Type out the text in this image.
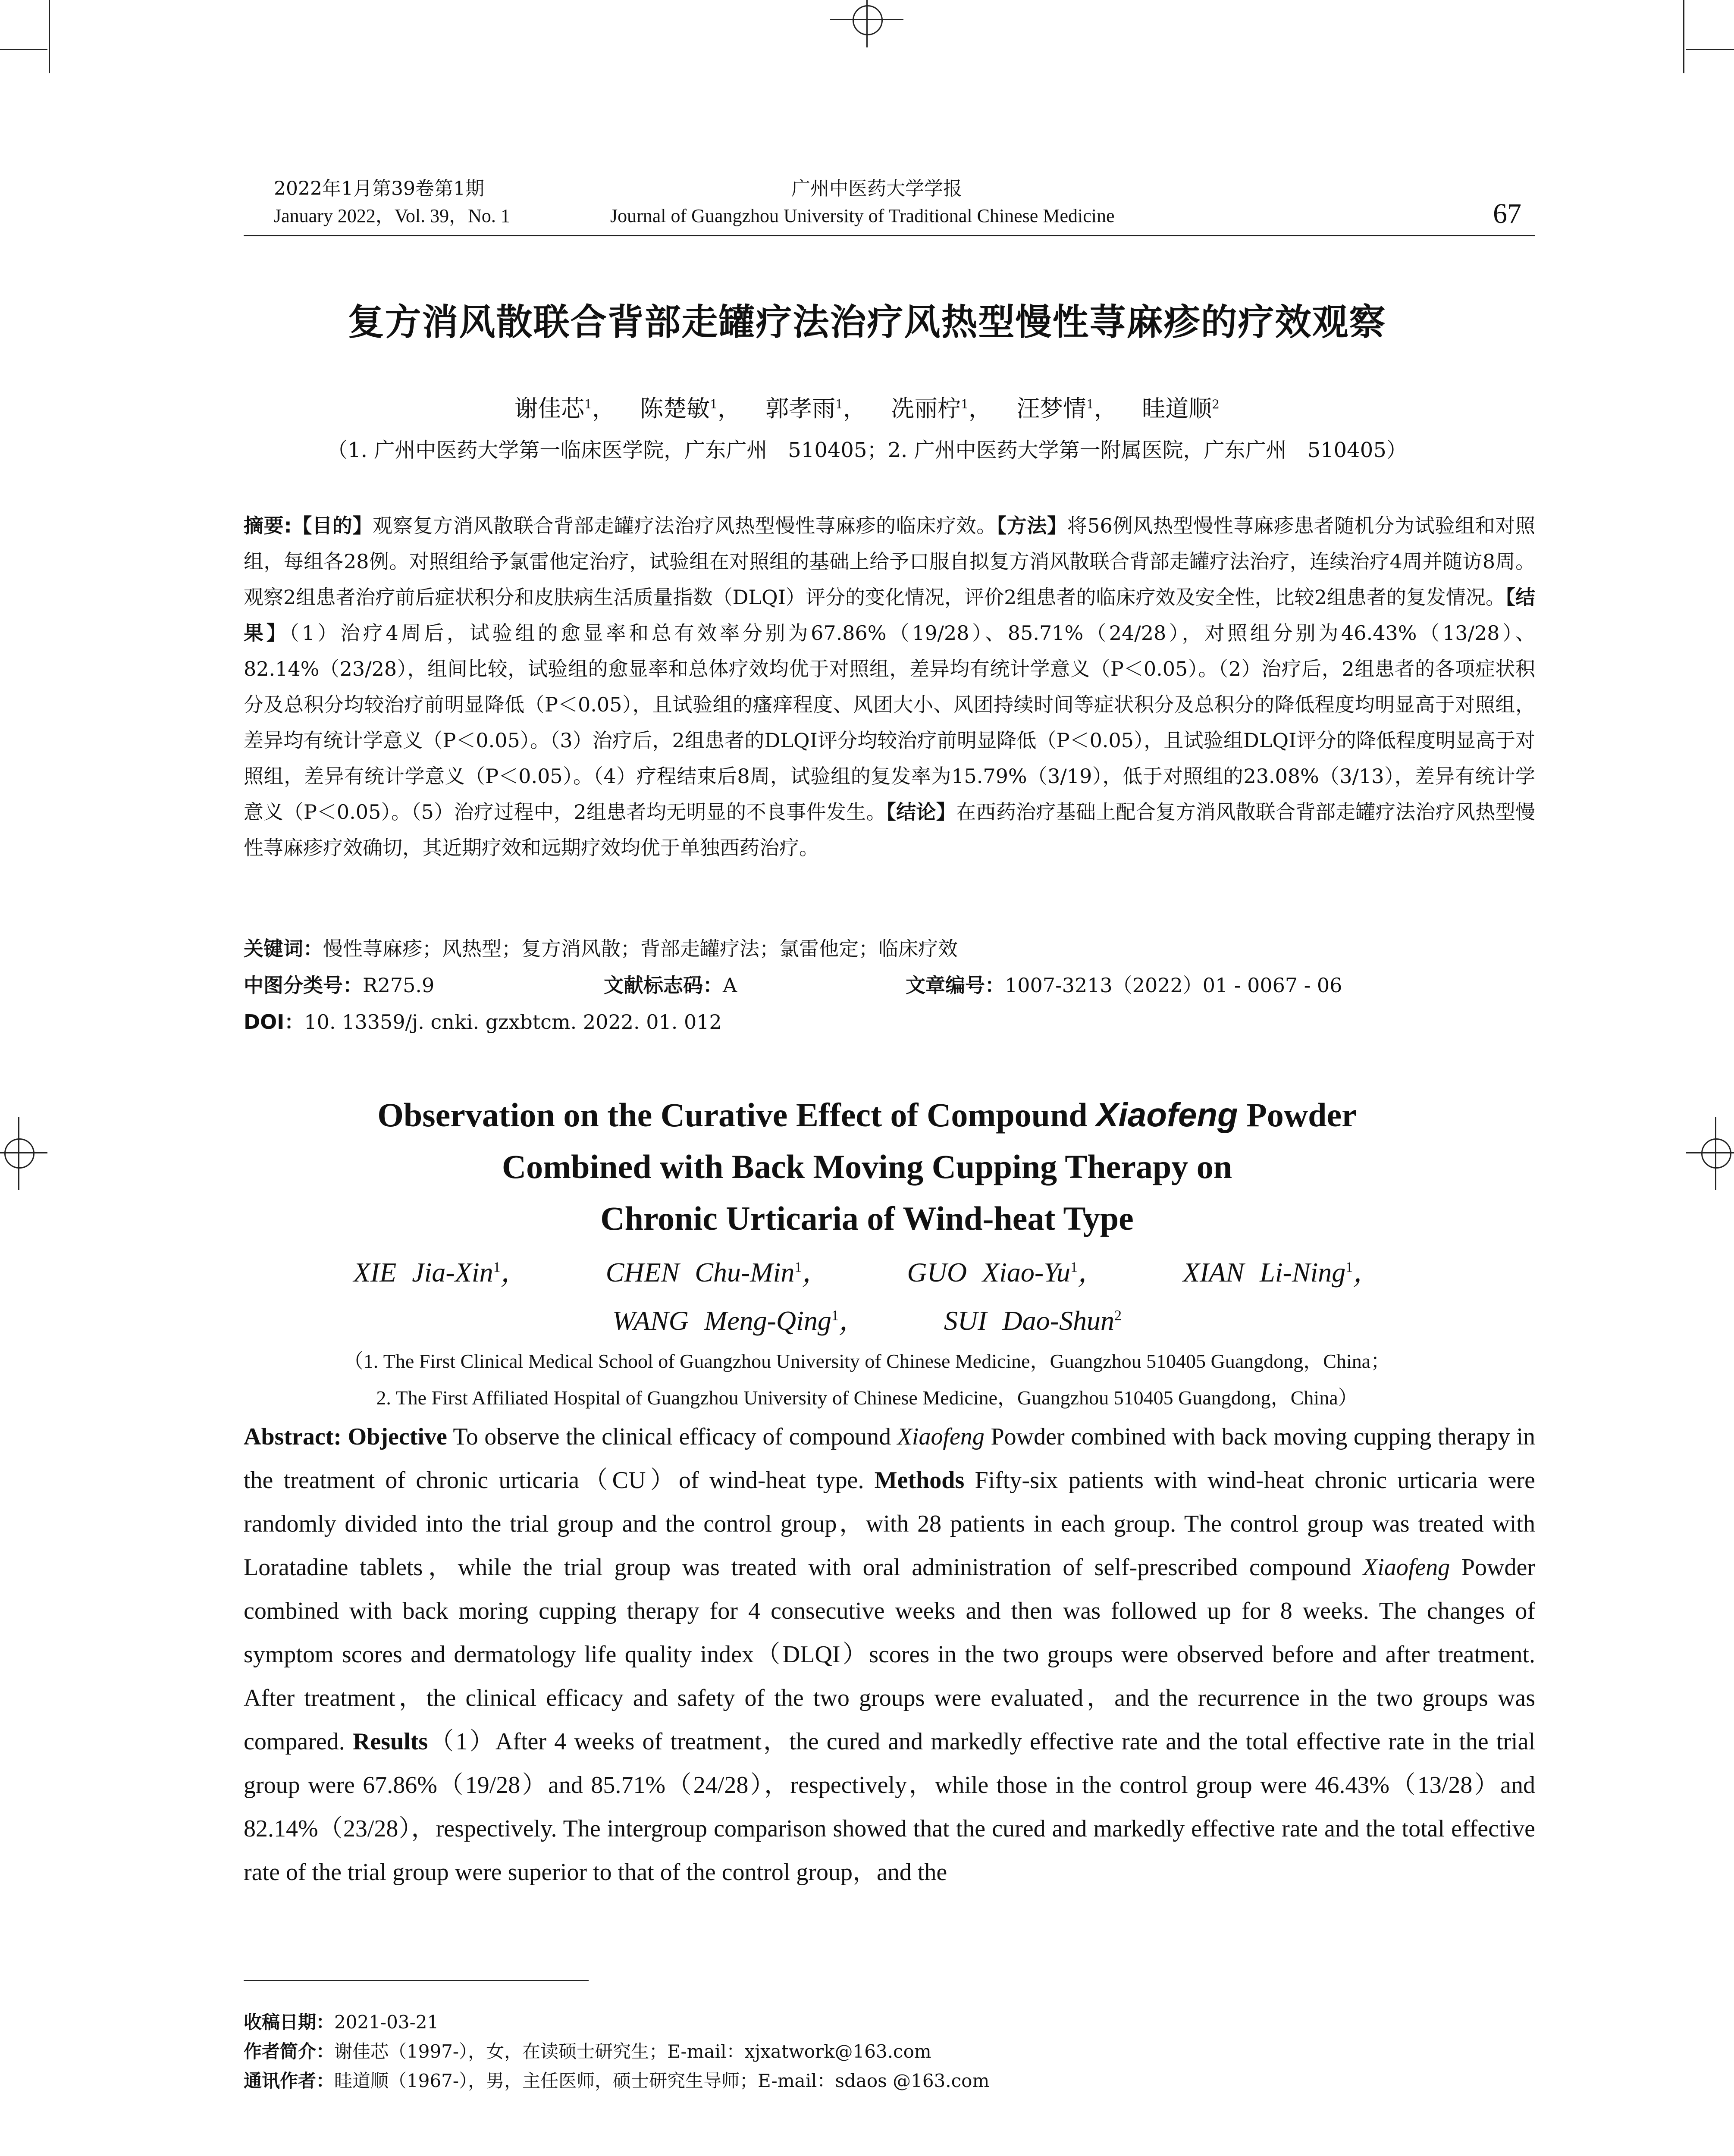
2022年1月第39卷第1期
January 2022，Vol. 39，No. 1
广州中医药大学学报
Journal of Guangzhou University of Traditional Chinese Medicine	67
复方消风散联合背部走罐疗法治疗风热型慢性荨麻疹的疗效观察
谢佳芯$^1$， 陈楚敏$^1$， 郭孝雨$^1$， 冼丽柠$^1$， 汪梦情$^1$， 眭道顺$^2$
（1. 广州中医药大学第一临床医学院，广东广州　510405；2. 广州中医药大学第一附属医院，广东广州　510405）
摘要:【目的】观察复方消风散联合背部走罐疗法治疗风热型慢性荨麻疹的临床疗效。【方法】将56例风热型慢性荨麻疹患者随机分为试验组和对照组，每组各28例。对照组给予氯雷他定治疗，试验组在对照组的基础上给予口服自拟复方消风散联合背部走罐疗法治疗，连续治疗4周并随访8周。观察2组患者治疗前后症状积分和皮肤病生活质量指数（DLQI）评分的变化情况，评价2组患者的临床疗效及安全性，比较2组患者的复发情况。【结果】（1）治疗4周后，试验组的愈显率和总有效率分别为67.86%（19/28）、85.71%（24/28），对照组分别为46.43%（13/28）、82.14%（23/28），组间比较，试验组的愈显率和总体疗效均优于对照组，差异均有统计学意义（P＜0.05）。（2）治疗后，2组患者的各项症状积分及总积分均较治疗前明显降低（P＜0.05），且试验组的瘙痒程度、风团大小、风团持续时间等症状积分及总积分的降低程度均明显高于对照组，差异均有统计学意义（P＜0.05）。（3）治疗后，2组患者的DLQI评分均较治疗前明显降低（P＜0.05），且试验组DLQI评分的降低程度明显高于对照组，差异有统计学意义（P＜0.05）。（4）疗程结束后8周，试验组的复发率为15.79%（3/19），低于对照组的23.08%（3/13），差异有统计学意义（P＜0.05）。（5）治疗过程中，2组患者均无明显的不良事件发生。【结论】在西药治疗基础上配合复方消风散联合背部走罐疗法治疗风热型慢性荨麻疹疗效确切，其近期疗效和远期疗效均优于单独西药治疗。
关键词：慢性荨麻疹；风热型；复方消风散；背部走罐疗法；氯雷他定；临床疗效
中图分类号：R275.9	文献标志码：A	文章编号：1007-3213（2022）01 - 0067 - 06
DOI：10. 13359/j. cnki. gzxbtcm. 2022. 01. 012
Observation on the Curative Effect of Compound Xiaofeng Powder
Combined with Back Moving Cupping Therapy on
Chronic Urticaria of Wind-heat Type
XIE Jia-Xin$^1$，	CHEN Chu-Min$^1$，	GUO Xiao-Yu$^1$，	XIAN Li-Ning$^1$，
WANG Meng-Qing$^1$，	SUI Dao-Shun$^2$
（1. The First Clinical Medical School of Guangzhou University of Chinese Medicine，Guangzhou 510405 Guangdong，China；
2. The First Affiliated Hospital of Guangzhou University of Chinese Medicine，Guangzhou 510405 Guangdong，China）
Abstract: Objective To observe the clinical efficacy of compound Xiaofeng Powder combined with back moving cupping therapy in the treatment of chronic urticaria（CU）of wind-heat type. Methods Fifty-six patients with wind-heat chronic urticaria were randomly divided into the trial group and the control group，with 28 patients in each group. The control group was treated with Loratadine tablets，while the trial group was treated with oral administration of self-prescribed compound Xiaofeng Powder combined with back moring cupping therapy for 4 consecutive weeks and then was followed up for 8 weeks. The changes of symptom scores and dermatology life quality index（DLQI）scores in the two groups were observed before and after treatment. After treatment，the clinical efficacy and safety of the two groups were evaluated，and the recurrence in the two groups was compared. Results（1）After 4 weeks of treatment，the cured and markedly effective rate and the total effective rate in the trial group were 67.86%（19/28）and 85.71%（24/28），respectively，while those in the control group were 46.43%（13/28）and 82.14%（23/28），respectively. The intergroup comparison showed that the cured and markedly effective rate and the total effective rate of the trial group were superior to that of the control group，and the
收稿日期：2021-03-21
作者简介：谢佳芯（1997-），女，在读硕士研究生；E-mail：xjxatwork@163.com
通讯作者：眭道顺（1967-），男，主任医师，硕士研究生导师；E-mail：sdaos @163.com
